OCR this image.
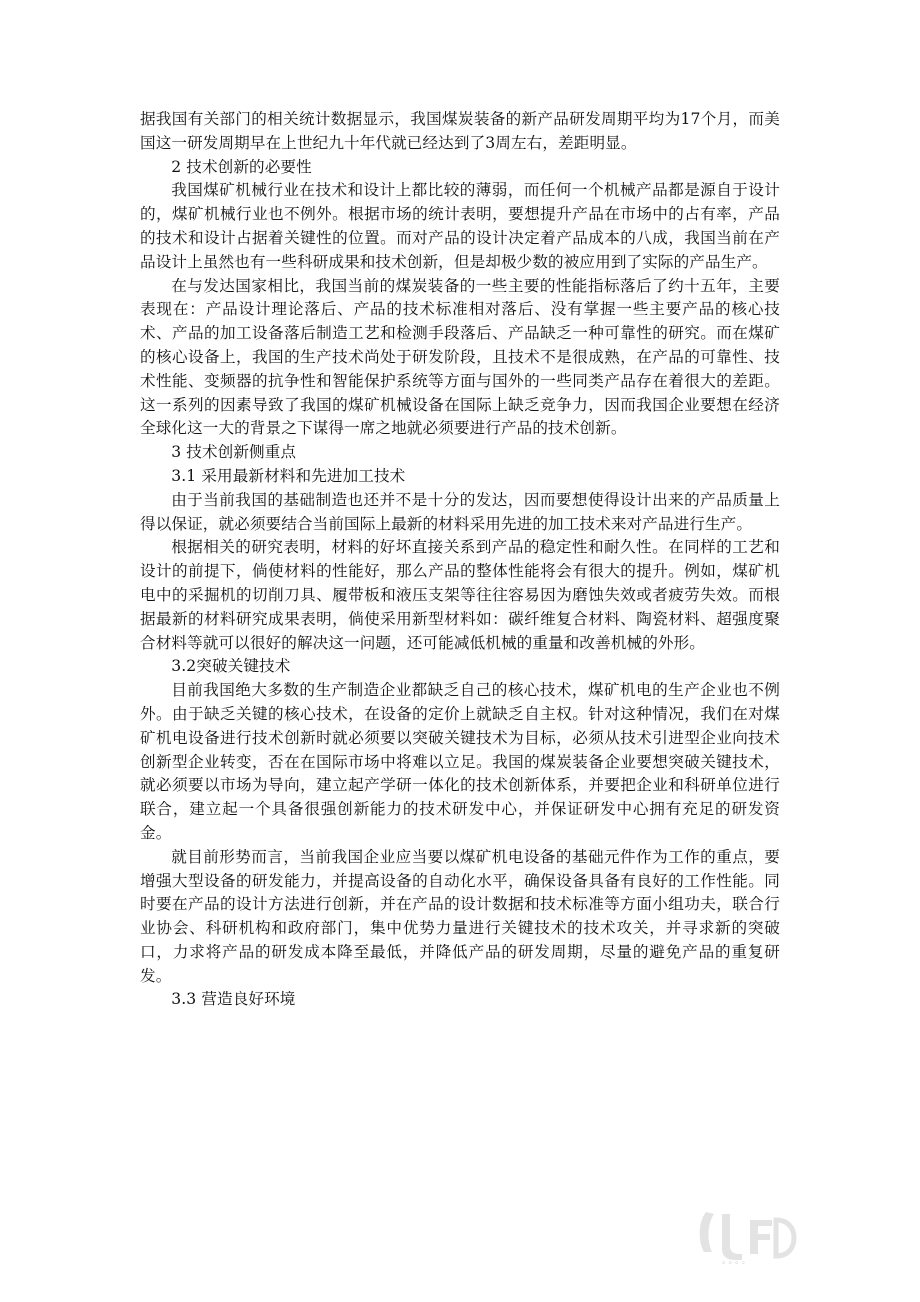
据我国有关部门的相关统计数据显示，我国煤炭装备的新产品研发周期平均为17个月，而美国这一研发周期早在上世纪九十年代就已经达到了3周左右，差距明显。

2 技术创新的必要性

我国煤矿机械行业在技术和设计上都比较的薄弱，而任何一个机械产品都是源自于设计的，煤矿机械行业也不例外。根据市场的统计表明，要想提升产品在市场中的占有率，产品的技术和设计占据着关键性的位置。而对产品的设计决定着产品成本的八成，我国当前在产品设计上虽然也有一些科研成果和技术创新，但是却极少数的被应用到了实际的产品生产。

在与发达国家相比，我国当前的煤炭装备的一些主要的性能指标落后了约十五年，主要表现在：产品设计理论落后、产品的技术标准相对落后、没有掌握一些主要产品的核心技术、产品的加工设备落后制造工艺和检测手段落后、产品缺乏一种可靠性的研究。而在煤矿的核心设备上，我国的生产技术尚处于研发阶段，且技术不是很成熟，在产品的可靠性、技术性能、变频器的抗争性和智能保护系统等方面与国外的一些同类产品存在着很大的差距。这一系列的因素导致了我国的煤矿机械设备在国际上缺乏竞争力，因而我国企业要想在经济全球化这一大的背景之下谋得一席之地就必须要进行产品的技术创新。

3 技术创新侧重点

3.1 采用最新材料和先进加工技术

由于当前我国的基础制造也还并不是十分的发达，因而要想使得设计出来的产品质量上得以保证，就必须要结合当前国际上最新的材料采用先进的加工技术来对产品进行生产。

根据相关的研究表明，材料的好坏直接关系到产品的稳定性和耐久性。在同样的工艺和设计的前提下，倘使材料的性能好，那么产品的整体性能将会有很大的提升。例如，煤矿机电中的采掘机的切削刀具、履带板和液压支架等往往容易因为磨蚀失效或者疲劳失效。而根据最新的材料研究成果表明，倘使采用新型材料如：碳纤维复合材料、陶瓷材料、超强度聚合材料等就可以很好的解决这一问题，还可能减低机械的重量和改善机械的外形。

3.2突破关键技术

目前我国绝大多数的生产制造企业都缺乏自己的核心技术，煤矿机电的生产企业也不例外。由于缺乏关键的核心技术，在设备的定价上就缺乏自主权。针对这种情况，我们在对煤矿机电设备进行技术创新时就必须要以突破关键技术为目标，必须从技术引进型企业向技术创新型企业转变，否在在国际市场中将难以立足。我国的煤炭装备企业要想突破关键技术，就必须要以市场为导向，建立起产学研一体化的技术创新体系，并要把企业和科研单位进行联合，建立起一个具备很强创新能力的技术研发中心，并保证研发中心拥有充足的研发资金。

就目前形势而言，当前我国企业应当要以煤矿机电设备的基础元件作为工作的重点，要增强大型设备的研发能力，并提高设备的自动化水平，确保设备具备有良好的工作性能。同时要在产品的设计方法进行创新，并在产品的设计数据和技术标准等方面小组功夫，联合行业协会、科研机构和政府部门，集中优势力量进行关键技术的技术攻关，并寻求新的突破口，力求将产品的研发成本降至最低，并降低产品的研发周期，尽量的避免产品的重复研发。

3.3 营造良好环境

。。。。
